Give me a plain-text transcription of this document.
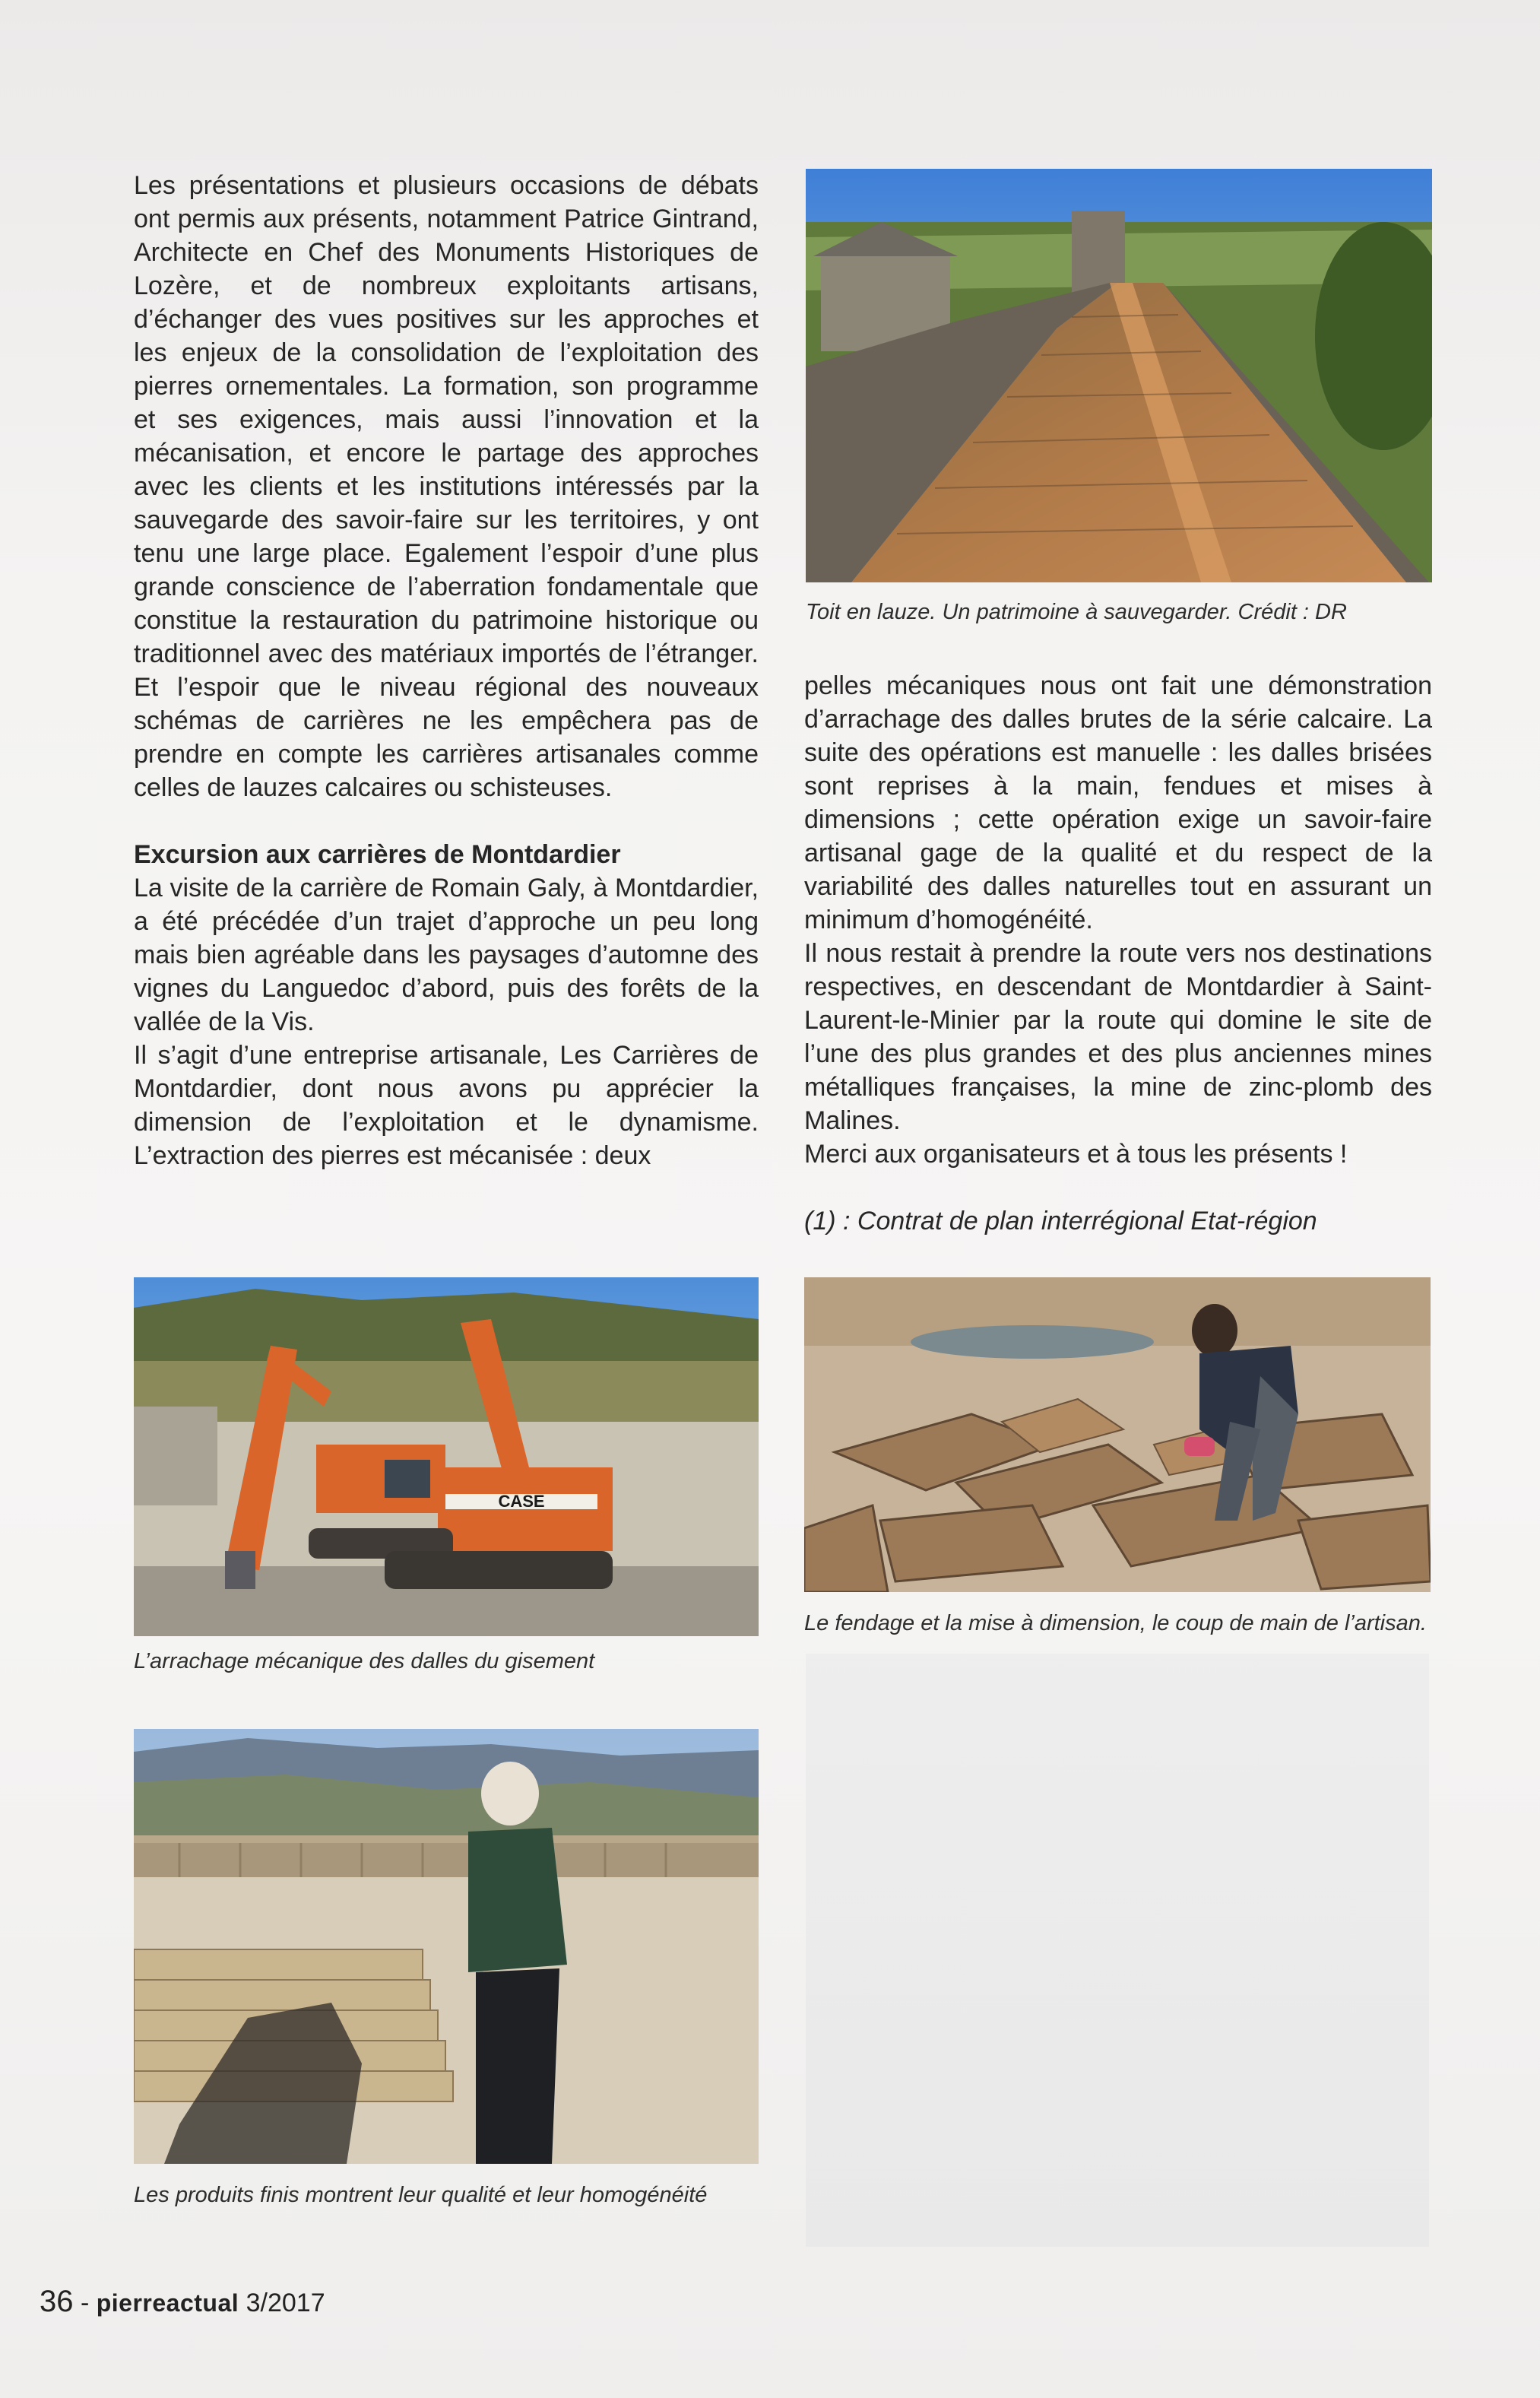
Les présentations et plusieurs occasions de débats ont permis aux présents, notamment Patrice Gintrand, Architecte en Chef des Monuments Historiques de Lozère, et de nombreux exploitants artisans, d’échanger des vues positives sur les approches et les enjeux de la consolidation de l’exploitation des pierres ornementales. La formation, son programme et ses exigences, mais aussi l’innovation et la mécanisation, et encore le partage des approches avec les clients et les institutions intéressés par la sauvegarde des savoir-faire sur les territoires, y ont tenu une large place. Egalement l’espoir d’une plus grande conscience de l’aberration fondamentale que constitue la restauration du patrimoine historique ou traditionnel avec des matériaux importés de l’étranger. Et l’espoir que le niveau régional des nouveaux schémas de carrières ne les empêchera pas de prendre en compte les carrières artisanales comme celles de lauzes calcaires ou schisteuses.

Excursion aux carrières de Montdardier

La visite de la carrière de Romain Galy, à Montdardier, a été précédée d’un trajet d’approche un peu long mais bien agréable dans les paysages d’automne des vignes du Languedoc d’abord, puis des forêts de la vallée de la Vis.

Il s’agit d’une entreprise artisanale, Les Carrières de Montdardier, dont nous avons pu apprécier la dimension de l’exploitation et le dynamisme. L’extraction des pierres est mécanisée : deux

pelles mécaniques nous ont fait une démonstration d’arrachage des dalles brutes de la série calcaire. La suite des opérations est manuelle : les dalles brisées sont reprises à la main, fendues et mises à dimensions ; cette opération exige un savoir-faire artisanal gage de la qualité et du respect de la variabilité des dalles naturelles tout en assurant un minimum d’homogénéité.

Il nous restait à prendre la route vers nos destinations respectives, en descendant de Montdardier à Saint-Laurent-le-Minier par la route qui domine le site de l’une des plus grandes et des plus anciennes mines métalliques françaises, la mine de zinc-plomb des Malines.

Merci aux organisateurs et à tous les présents !

(1) : Contrat de plan interrégional Etat-région

Toit en lauze. Un patrimoine à sauvegarder. Crédit : DR
CASE
L’arrachage mécanique des dalles du gisement
Le fendage et la mise à dimension, le coup de main de l’artisan.
Les produits finis montrent leur qualité et leur homogénéité
36 - pierreactual 3/2017
